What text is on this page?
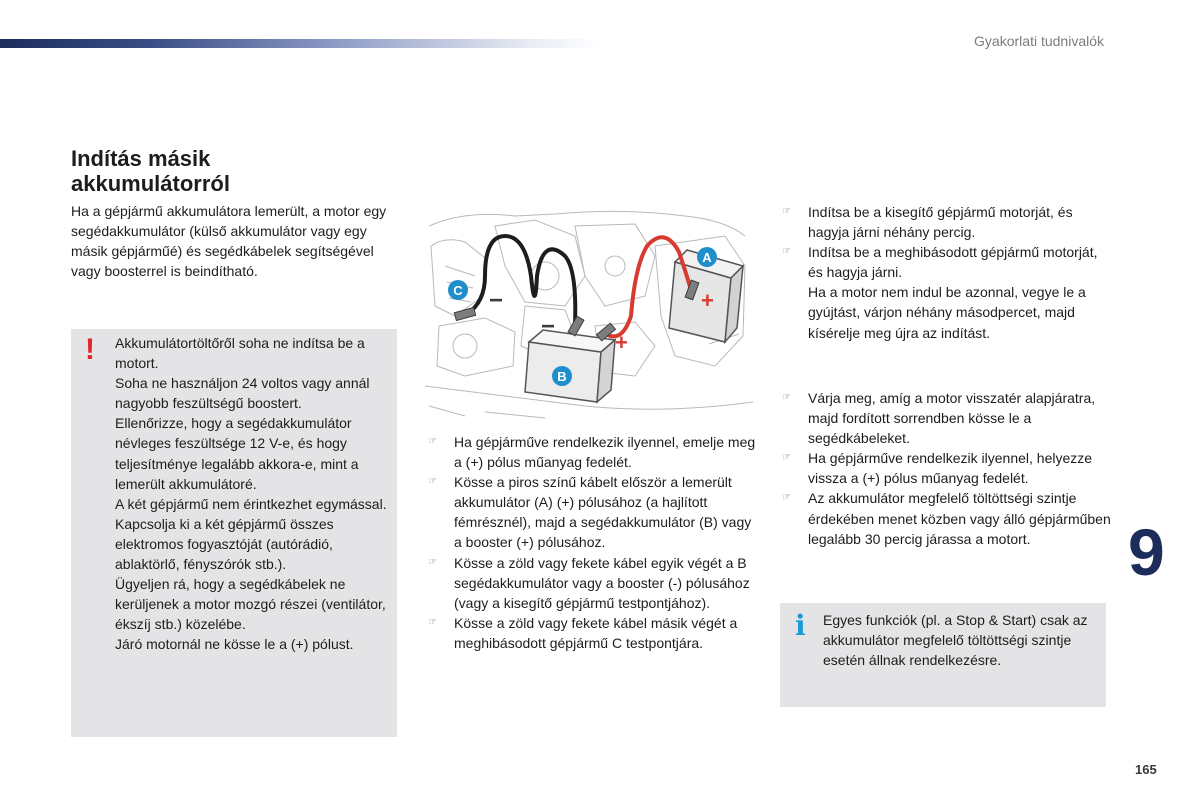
Gyakorlati tudnivalók
Indítás másik
akkumulátorról
Ha a gépjármű akkumulátora lemerült, a motor egy segédakkumulátor (külső akkumulátor vagy egy másik gépjárműé) és segédkábelek segítségével vagy boosterrel is beindítható.
! Akkumulátortöltőről soha ne indítsa be a motort.

Soha ne használjon 24 voltos vagy annál nagyobb feszültségű boostert.

Ellenőrizze, hogy a segédakkumulátor névleges feszültsége 12 V-e, és hogy teljesítménye legalább akkora-e, mint a lemerült akkumulátoré.

A két gépjármű nem érintkezhet egymással.

Kapcsolja ki a két gépjármű összes elektromos fogyasztóját (autórádió, ablaktörlő, fényszórók stb.).

Ügyeljen rá, hogy a segédkábelek ne kerüljenek a motor mozgó részei (ventilátor, ékszíj stb.) közelébe.

Járó motornál ne kösse le a (+) pólust.

−
−
+
+
A
B
C
☞ Ha gépjárműve rendelkezik ilyennel, emelje meg a (+) pólus műanyag fedelét.
☞ Kösse a piros színű kábelt először a lemerült akkumulátor (A) (+) pólusához (a hajlított fémrésznél), majd a segédakkumulátor (B) vagy a booster (+) pólusához.
☞ Kösse a zöld vagy fekete kábel egyik végét a B segédakkumulátor vagy a booster (-) pólusához (vagy a kisegítő gépjármű testpontjához).
☞ Kösse a zöld vagy fekete kábel másik végét a meghibásodott gépjármű C testpontjára.
☞ Indítsa be a kisegítő gépjármű motorját, és hagyja járni néhány percig.
☞ Indítsa be a meghibásodott gépjármű motorját, és hagyja járni.
Ha a motor nem indul be azonnal, vegye le a gyújtást, várjon néhány másodpercet, majd kísérelje meg újra az indítást.
☞ Várja meg, amíg a motor visszatér alapjáratra, majd fordított sorrendben kösse le a segédkábeleket.
☞ Ha gépjárműve rendelkezik ilyennel, helyezze vissza a (+) pólus műanyag fedelét.
☞ Az akkumulátor megfelelő töltöttségi szintje érdekében menet közben vagy álló gépjárműben legalább 30 percig járassa a motort.
i Egyes funkciók (pl. a Stop & Start) csak az akkumulátor megfelelő töltöttségi szintje esetén állnak rendelkezésre.
9
165
